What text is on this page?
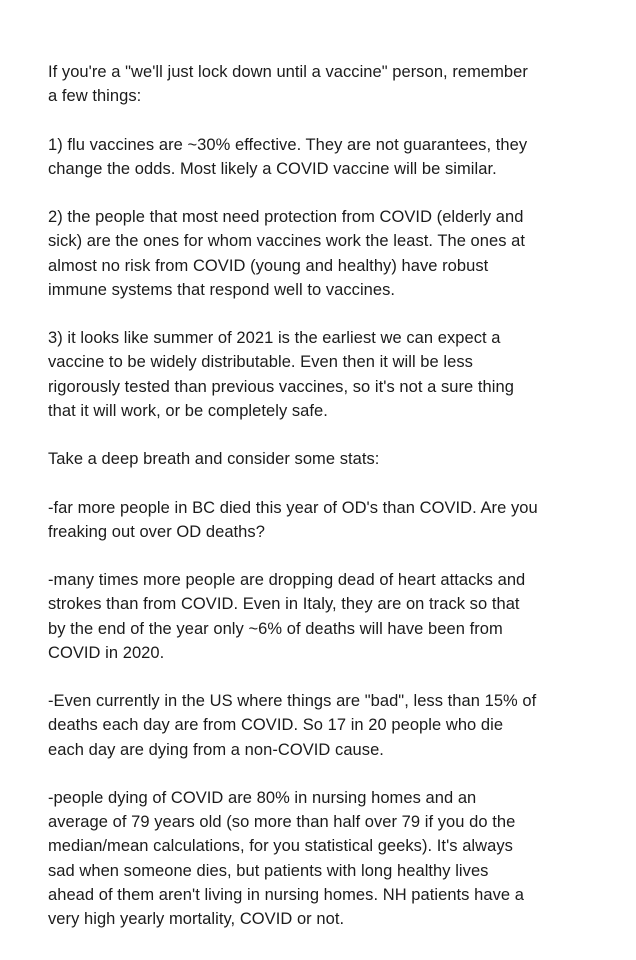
If you're a "we'll just lock down until a vaccine" person, remember
a few things:

1) flu vaccines are ~30% effective. They are not guarantees, they
change the odds. Most likely a COVID vaccine will be similar.

2) the people that most need protection from COVID (elderly and
sick) are the ones for whom vaccines work the least. The ones at
almost no risk from COVID (young and healthy) have robust
immune systems that respond well to vaccines.

3) it looks like summer of 2021 is the earliest we can expect a
vaccine to be widely distributable. Even then it will be less
rigorously tested than previous vaccines, so it's not a sure thing
that it will work, or be completely safe.

Take a deep breath and consider some stats:

-far more people in BC died this year of OD's than COVID. Are you
freaking out over OD deaths?

-many times more people are dropping dead of heart attacks and
strokes than from COVID. Even in Italy, they are on track so that
by the end of the year only ~6% of deaths will have been from
COVID in 2020.

-Even currently in the US where things are "bad", less than 15% of
deaths each day are from COVID. So 17 in 20 people who die
each day are dying from a non-COVID cause.

-people dying of COVID are 80% in nursing homes and an
average of 79 years old (so more than half over 79 if you do the
median/mean calculations, for you statistical geeks). It's always
sad when someone dies, but patients with long healthy lives
ahead of them aren't living in nursing homes. NH patients have a
very high yearly mortality, COVID or not.
